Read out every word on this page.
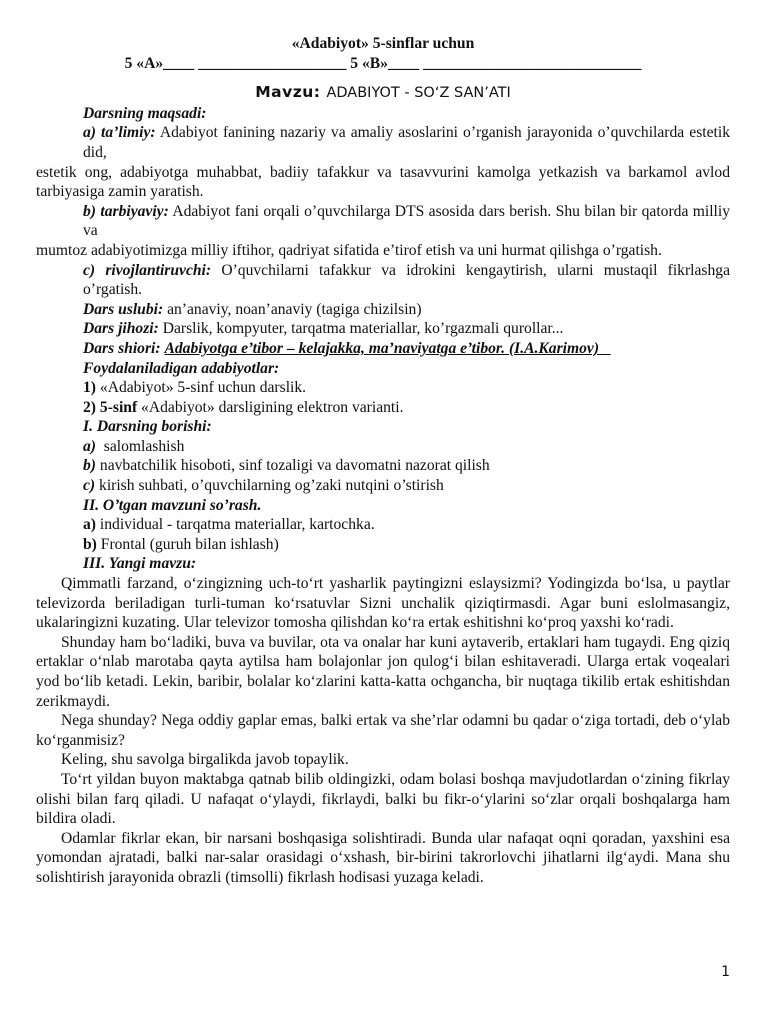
«Adabiyot» 5-sinflar uchun

5 «A»____ ___________________ 5 «B»____ ____________________________

Mavzu: ADABIYOT - SO‘Z SAN’ATI

Darsning maqsadi:

a) ta’limiy: Adabiyot fanining nazariy va amaliy asoslarini o’rganish jarayonida o’quvchilarda estetik did,

estetik ong, adabiyotga muhabbat, badiiy tafakkur va tasavvurini kamolga yetkazish va barkamol avlod tarbiyasiga zamin yaratish.

b) tarbiyaviy: Adabiyot fani orqali o’quvchilarga DTS asosida dars berish. Shu bilan bir qatorda milliy va

mumtoz adabiyotimizga milliy iftihor, qadriyat sifatida e’tirof etish va uni hurmat qilishga o’rgatish.

c) rivojlantiruvchi: O’quvchilarni tafakkur va idrokini kengaytirish, ularni mustaqil fikrlashga o’rgatish.

Dars uslubi: an’anaviy, noan’anaviy (tagiga chizilsin)

Dars jihozi: Darslik, kompyuter, tarqatma materiallar, ko’rgazmali qurollar...

Dars shiori: Adabiyotga e’tibor – kelajakka, ma’naviyatga e’tibor. (I.A.Karimov)

Foydalaniladigan adabiyotlar:

1) «Adabiyot» 5-sinf uchun darslik.

2) 5-sinf «Adabiyot» darsligining elektron varianti.

I. Darsning borishi:

a)  salomlashish

b) navbatchilik hisoboti, sinf tozaligi va davomatni nazorat qilish

c) kirish suhbati, o’quvchilarning og’zaki nutqini o’stirish

II. O’tgan mavzuni so’rash.

a) individual - tarqatma materiallar, kartochka.

b) Frontal (guruh bilan ishlash)

III. Yangi mavzu:

Qimmatli farzand, o‘zingizning uch-to‘rt yasharlik paytingizni eslaysizmi? Yodingizda bo‘lsa, u paytlar televizorda beriladigan turli-tuman ko‘rsatuvlar Sizni unchalik qiziqtirmasdi. Agar buni eslolmasangiz, ukalaringizni kuzating. Ular televizor tomosha qilishdan ko‘ra ertak eshitishni ko‘proq yaxshi ko‘radi.

Shunday ham bo‘ladiki, buva va buvilar, ota va onalar har kuni aytaverib, ertaklari ham tugaydi. Eng qiziq ertaklar o‘nlab marotaba qayta aytilsa ham bolajonlar jon qulog‘i bilan eshitaveradi. Ularga ertak voqealari yod bo‘lib ketadi. Lekin, baribir, bolalar ko‘zlarini katta-katta ochgancha, bir nuqtaga tikilib ertak eshitishdan zerikmaydi.

Nega shunday? Nega oddiy gaplar emas, balki ertak va she’rlar odamni bu qadar o‘ziga tortadi, deb o‘ylab ko‘rganmisiz?

Keling, shu savolga birgalikda javob topaylik.

To‘rt yildan buyon maktabga qatnab bilib oldingizki, odam bolasi boshqa mavjudotlardan o‘zining fikrlay olishi bilan farq qiladi. U nafaqat o‘ylaydi, fikrlaydi, balki bu fikr-o‘ylarini so‘zlar orqali boshqalarga ham bildira oladi.

Odamlar fikrlar ekan, bir narsani boshqasiga solishtiradi. Bunda ular nafaqat oqni qoradan, yaxshini esa yomondan ajratadi, balki nar-salar orasidagi o‘xshash, bir-birini takrorlovchi jihatlarni ilg‘aydi. Mana shu solishtirish jarayonida obrazli (timsolli) fikrlash hodisasi yuzaga keladi.

1
